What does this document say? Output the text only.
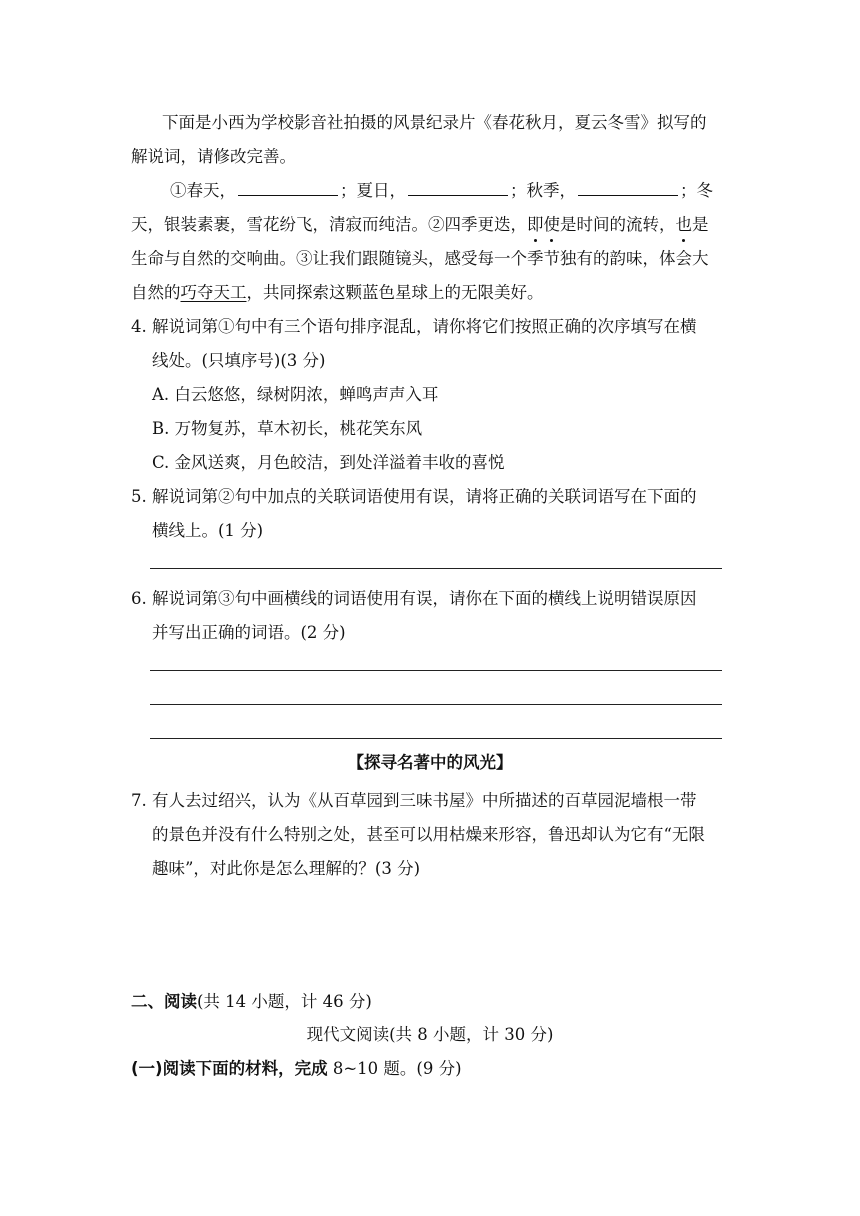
下面是小西为学校影音社拍摄的风景纪录片《春花秋月，夏云冬雪》拟写的
解说词，请修改完善。
①春天，	；夏日，	；秋季，	；冬
天，银装素裹，雪花纷飞，清寂而纯洁。②四季更迭，即使是时间的流转，也是
生命与自然的交响曲。③让我们跟随镜头，感受每一个季节独有的韵味，体会大
自然的巧夺天工，共同探索这颗蓝色星球上的无限美好。
4. 解说词第①句中有三个语句排序混乱，请你将它们按照正确的次序填写在横
线处。(只填序号)(3 分)
A. 白云悠悠，绿树阴浓，蝉鸣声声入耳
B. 万物复苏，草木初长，桃花笑东风
C. 金风送爽，月色皎洁，到处洋溢着丰收的喜悦
5. 解说词第②句中加点的关联词语使用有误，请将正确的关联词语写在下面的
横线上。(1 分)
6. 解说词第③句中画横线的词语使用有误，请你在下面的横线上说明错误原因
并写出正确的词语。(2 分)
【探寻名著中的风光】
7. 有人去过绍兴，认为《从百草园到三味书屋》中所描述的百草园泥墙根一带
的景色并没有什么特别之处，甚至可以用枯燥来形容，鲁迅却认为它有“无限
趣味”，对此你是怎么理解的？(3 分)
二、阅读(共 14 小题，计 46 分)
现代文阅读(共 8 小题，计 30 分)
(一)阅读下面的材料，完成 8~10 题。(9 分)
